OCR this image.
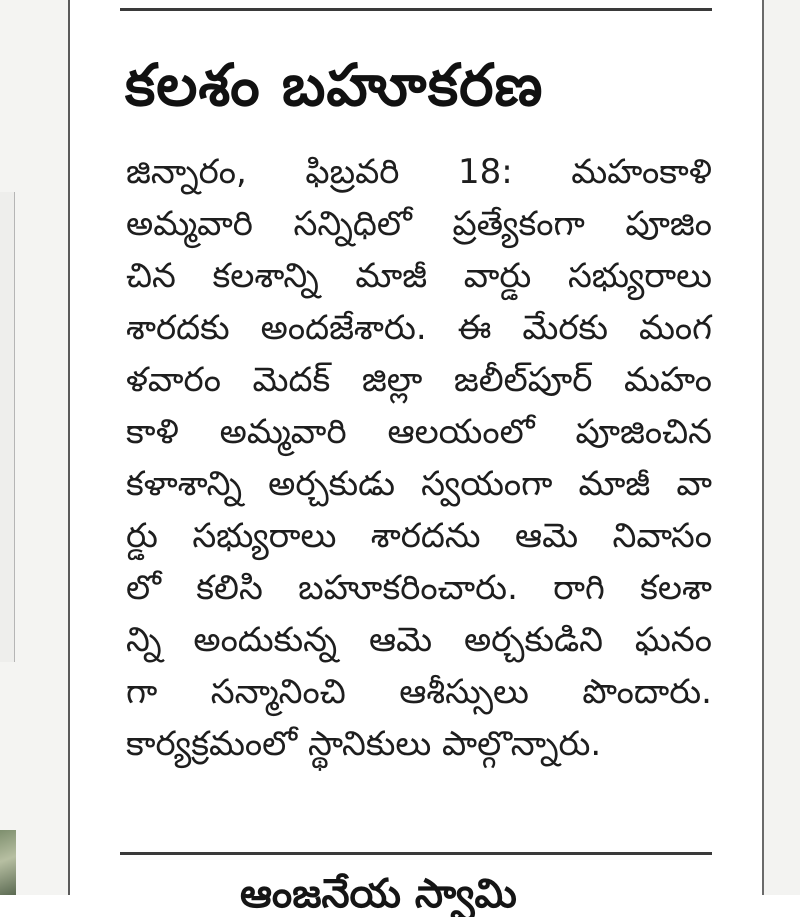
కలశం బహూకరణ
జిన్నారం, ఫిబ్రవరి 18: మహంకాళి
అమ్మవారి సన్నిధిలో ప్రత్యేకంగా పూజిం
చిన కలశాన్ని మాజీ వార్డు సభ్యురాలు
శారదకు అందజేశారు. ఈ మేరకు మంగ
ళవారం మెదక్ జిల్లా జలీల్‌పూర్ మహం
కాళి అమ్మవారి ఆలయంలో పూజించిన
కళాశాన్ని అర్చకుడు స్వయంగా మాజీ వా
ర్డు సభ్యురాలు శారదను ఆమె నివాసం
లో కలిసి బహూకరించారు. రాగి కలశా
న్ని అందుకున్న ఆమె అర్చకుడిని ఘనం
గా సన్మానించి ఆశీస్సులు పొందారు.
కార్యక్రమంలో స్థానికులు పాల్గొన్నారు.
ఆంజనేయ స్వామి
